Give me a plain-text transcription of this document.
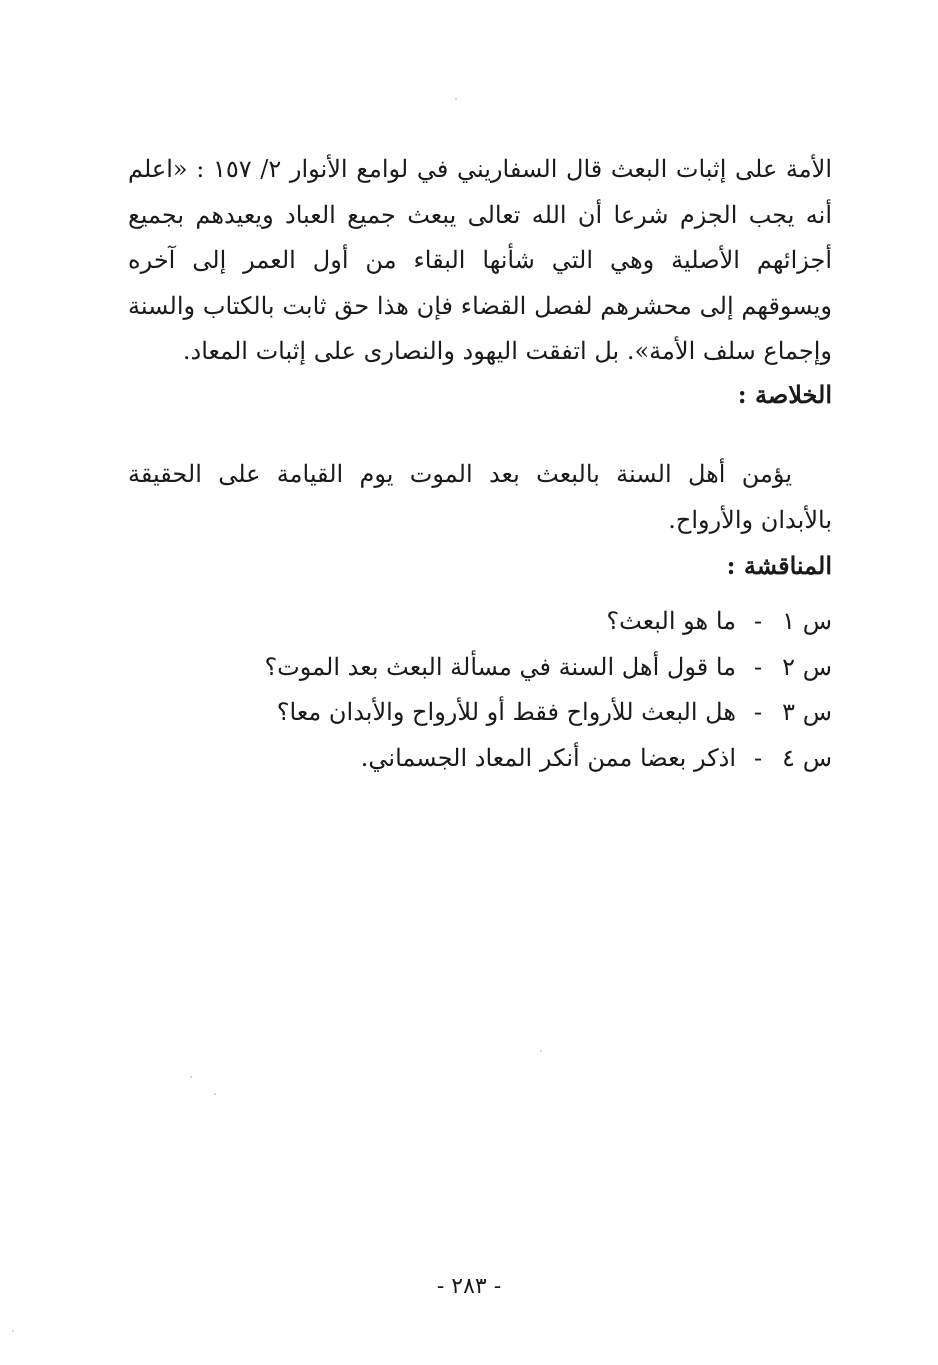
الأمة على إثبات البعث قال السفاريني في لوامع الأنوار ٢/ ١٥٧ : «اعلم أنه يجب الجزم شرعا أن الله تعالى يبعث جميع العباد ويعيدهم بجميع أجزائهم الأصلية وهي التي شأنها البقاء من أول العمر إلى آخره ويسوقهم إلى محشرهم لفصل القضاء فإن هذا حق ثابت بالكتاب والسنة وإجماع سلف الأمة». بل اتفقت اليهود والنصارى على إثبات المعاد.

الخلاصة :

يؤمن أهل السنة بالبعث بعد الموت يوم القيامة على الحقيقة بالأبدان والأرواح.

المناقشة :
س ١
-
ما هو البعث؟
س ٢
-
ما قول أهل السنة في مسألة البعث بعد الموت؟
س ٣
-
هل البعث للأرواح فقط أو للأرواح والأبدان معا؟
س ٤
-
اذكر بعضا ممن أنكر المعاد الجسماني.
- ٢٨٣ -
